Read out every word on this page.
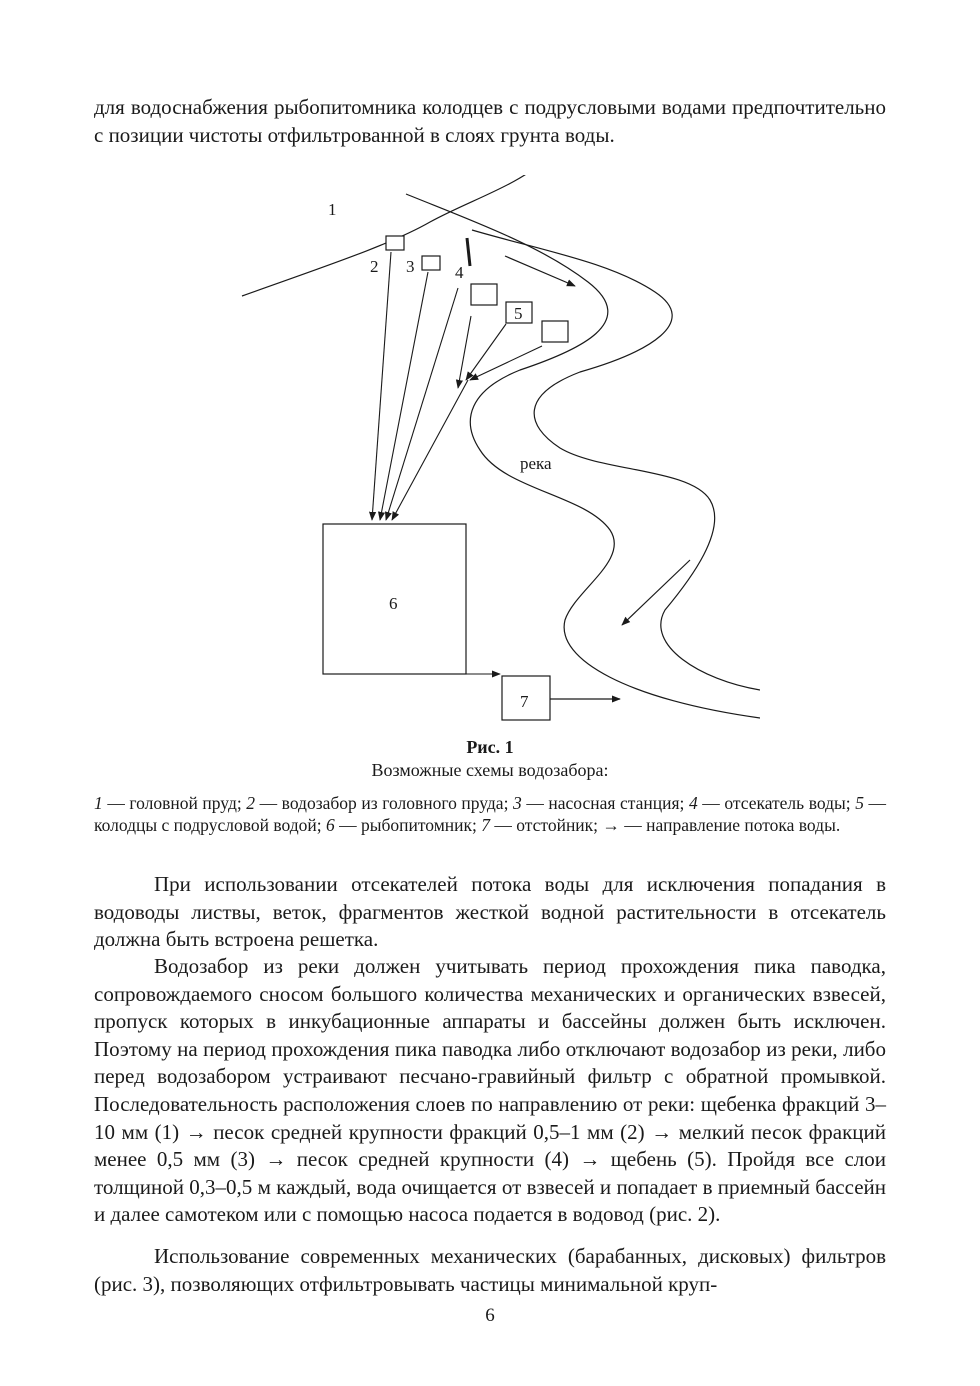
для водоснабжения рыбопитомника колодцев с подрусловыми водами предпочтительно с позиции чистоты отфильтрованной в слоях грунта воды.

1
2 3 4
5
6
7
река

Рис. 1

Возможные схемы водозабора:

1 — головной пруд; 2 — водозабор из головного пруда; 3 — насосная станция; 4 — отсекатель воды; 5 — колодцы с подрусловой водой; 6 — рыбопитомник; 7 — отстойник; → — направление потока воды.

При использовании отсекателей потока воды для исключения попадания в водоводы листвы, веток, фрагментов жесткой водной растительности в отсекатель должна быть встроена решетка.

Водозабор из реки должен учитывать период прохождения пика паводка, сопровождаемого сносом большого количества механических и органических взвесей, пропуск которых в инкубационные аппараты и бассейны должен быть исключен. Поэтому на период прохождения пика паводка либо отключают водозабор из реки, либо перед водозабором устраивают песчано-гравийный фильтр с обратной промывкой. Последовательность расположения слоев по направлению от реки: щебенка фракций 3–10 мм (1) → песок средней крупности фракций 0,5–1 мм (2) → мелкий песок фракций менее 0,5 мм (3) → песок средней крупности (4) → щебень (5). Пройдя все слои толщиной 0,3–0,5 м каждый, вода очищается от взвесей и попадает в приемный бассейн и далее самотеком или с помощью насоса подается в водовод (рис. 2).

Использование современных механических (барабанных, дисковых) фильтров (рис. 3), позволяющих отфильтровывать частицы минимальной круп-

6
